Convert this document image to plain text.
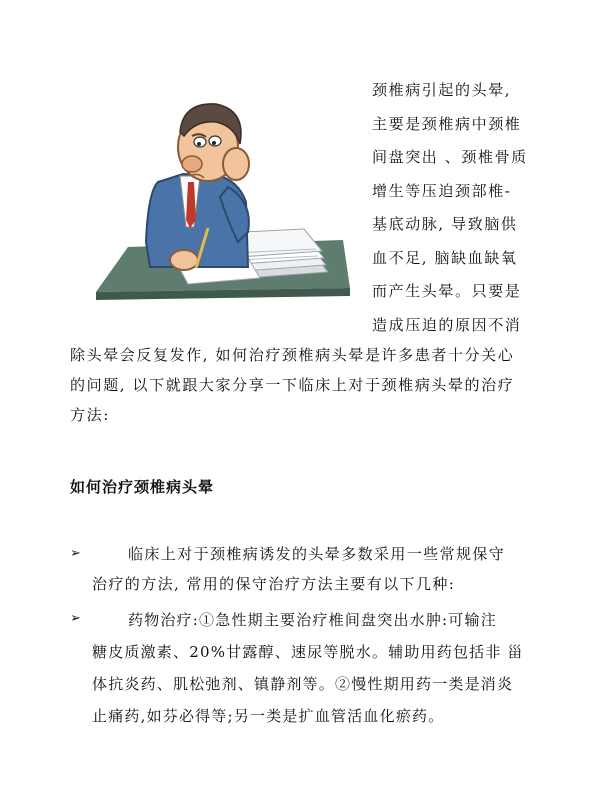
颈椎病引起的头晕,

主要是颈椎病中颈椎

间盘突出 、颈椎骨质

增生等压迫颈部椎-

基底动脉, 导致脑供

血不足, 脑缺血缺氧

而产生头晕。只要是

造成压迫的原因不消

除头晕会反复发作, 如何治疗颈椎病头晕是许多患者十分关心

的问题, 以下就跟大家分享一下临床上对于颈椎病头晕的治疗

方法:

如何治疗颈椎病头晕
➢	临床上对于颈椎病诱发的头晕多数采用一些常规保守

治疗的方法, 常用的保守治疗方法主要有以下几种:

➢	药物治疗:①急性期主要治疗椎间盘突出水肿:可输注

糖皮质激素、20%甘露醇、速尿等脱水。辅助用药包括非 甾

体抗炎药、肌松弛剂、镇静剂等。②慢性期用药一类是消炎

止痛药,如芬必得等;另一类是扩血管活血化瘀药。
